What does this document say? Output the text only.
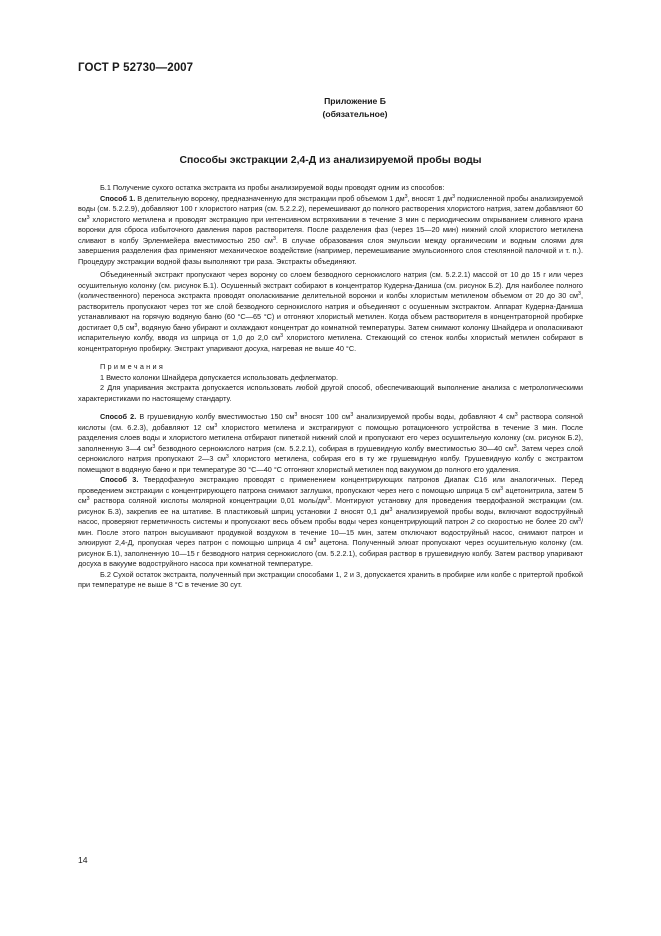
ГОСТ Р 52730—2007
Приложение Б
(обязательное)
Способы экстракции 2,4-Д из анализируемой пробы воды

Б.1 Получение сухого остатка экстракта из пробы анализируемой воды проводят одним из способов:

Способ 1. В делительную воронку, предназначенную для экстракции проб объемом 1 $дм^3$, вносят 1 $дм^3$ подкисленной пробы анализируемой воды (см. 5.2.2.9), добавляют 100 г хлористого натрия (см. 5.2.2.2), перемешивают до полного растворения хлористого натрия, затем добавляют 60 $см^3$ хлористого метилена и проводят экстракцию при интенсивном встряхивании в течение 3 мин с периодическим открыванием сливного крана воронки для сброса избыточного давления паров растворителя. После разделения фаз (через 15—20 мин) нижний слой хлористого метилена сливают в колбу Эрленмейера вместимостью 250 $см^3$. В случае образования слоя эмульсии между органическим и водным слоями для завершения разделения фаз применяют механическое воздействие (например, перемешивание эмульсионного слоя стеклянной палочкой и т. п.). Процедуру экстракции водной фазы выполняют три раза. Экстракты объединяют.

Объединенный экстракт пропускают через воронку со слоем безводного сернокислого натрия (см. 5.2.2.1) массой от 10 до 15 г или через осушительную колонку (см. рисунок Б.1). Осушенный экстракт собирают в концентратор Кудерна-Даниша (см. рисунок Б.2). Для наиболее полного (количественного) переноса экстракта проводят ополаскивание делительной воронки и колбы хлористым метиленом объемом от 20 до 30 $см^3$, растворитель пропускают через тот же слой безводного сернокислого натрия и объединяют с осушенным экстрактом. Аппарат Кудерна-Даниша устанавливают на горячую водяную баню (60 °С—65 °С) и отгоняют хлористый метилен. Когда объем растворителя в концентраторной пробирке достигает 0,5 $см^3$, водяную баню убирают и охлаждают концентрат до комнатной температуры. Затем снимают колонку Шнайдера и ополаскивают испарительную колбу, вводя из шприца от 1,0 до 2,0 $см^3$ хлористого метилена. Стекающий со стенок колбы хлористый метилен собирают в концентраторную пробирку. Экстракт упаривают досуха, нагревая не выше 40 °С.

Примечания

1 Вместо колонки Шнайдера допускается использовать дефлегматор.

2 Для упаривания экстракта допускается использовать любой другой способ, обеспечивающий выполнение анализа с метрологическими характеристиками по настоящему стандарту.

Способ 2. В грушевидную колбу вместимостью 150 $см^3$ вносят 100 $см^3$ анализируемой пробы воды, добавляют 4 $см^3$ раствора соляной кислоты (см. 6.2.3), добавляют 12 $см^3$ хлористого метилена и экстрагируют с помощью ротационного устройства в течение 3 мин. После разделения слоев воды и хлористого метилена отбирают пипеткой нижний слой и пропускают его через осушительную колонку (см. рисунок Б.2), заполненную 3—4 $см^3$ безводного сернокислого натрия (см. 5.2.2.1), собирая в грушевидную колбу вместимостью 30—40 $см^3$. Затем через слой сернокислого натрия пропускают 2—3 $см^3$ хлористого метилена, собирая его в ту же грушевидную колбу. Грушевидную колбу с экстрактом помещают в водяную баню и при температуре 30 °С—40 °С отгоняют хлористый метилен под вакуумом до полного его удаления.

Способ 3. Твердофазную экстракцию проводят с применением концентрирующих патронов Диапак С16 или аналогичных. Перед проведением экстракции с концентрирующего патрона снимают заглушки, пропускают через него с помощью шприца 5 $см^3$ ацетонитрила, затем 5 $см^3$ раствора соляной кислоты молярной концентрации 0,01 моль/$дм^3$. Монтируют установку для проведения твердофазной экстракции (см. рисунок Б.3), закрепив ее на штативе. В пластиковый шприц установки 1 вносят 0,1 $дм^3$ анализируемой пробы воды, включают водоструйный насос, проверяют герметичность системы и пропускают весь объем пробы воды через концентрирующий патрон 2 со скоростью не более 20 $см^3$/мин. После этого патрон высушивают продувкой воздухом в течение 10—15 мин, затем отключают водоструйный насос, снимают патрон и элюируют 2,4-Д, пропуская через патрон с помощью шприца 4 $см^3$ ацетона. Полученный элюат пропускают через осушительную колонку (см. рисунок Б.1), заполненную 10—15 г безводного натрия сернокислого (см. 5.2.2.1), собирая раствор в грушевидную колбу. Затем раствор упаривают досуха в вакууме водоструйного насоса при комнатной температуре.

Б.2 Сухой остаток экстракта, полученный при экстракции способами 1, 2 и 3, допускается хранить в пробирке или колбе с притертой пробкой при температуре не выше 8 °С в течение 30 сут.

14
